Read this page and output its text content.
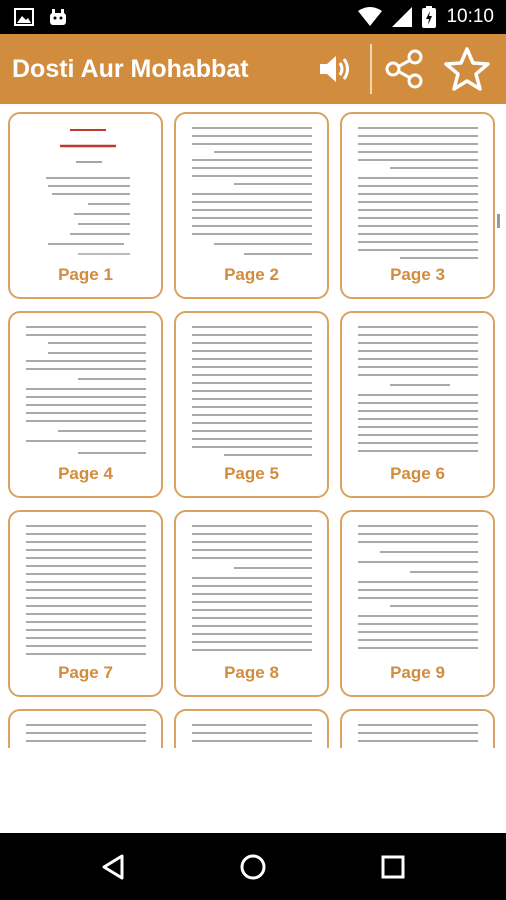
10:10
Dosti Aur Mohabbat
Page 1	Page 2	Page 3
Page 4	Page 5	Page 6
Page 7	Page 8	Page 9
